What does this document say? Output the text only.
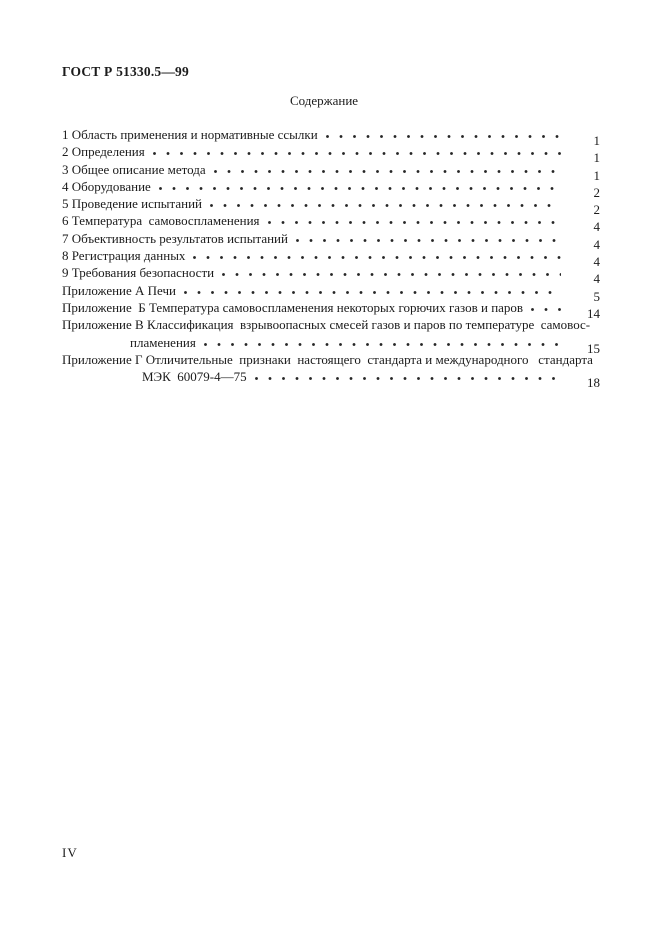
ГОСТ Р 51330.5—99
Содержание
1 Область применения и нормативные ссылки	1
2 Определения	1
3 Общее описание метода	1
4 Оборудование	2
5 Проведение испытаний	2
6 Температура  самовоспламенения	4
7 Объективность результатов испытаний	4
8 Регистрация данных	4
9 Требования безопасности	4
Приложение А Печи	5
Приложение  Б Температура самовоспламенения некоторых горючих газов и паров	14
Приложение В Классификация  взрывоопасных смесей газов и паров по температуре  самовос-
пламенения	15
Приложение Г Отличительные  признаки  настоящего  стандарта и международного   стандарта
МЭК  60079-4—75	18
IV
